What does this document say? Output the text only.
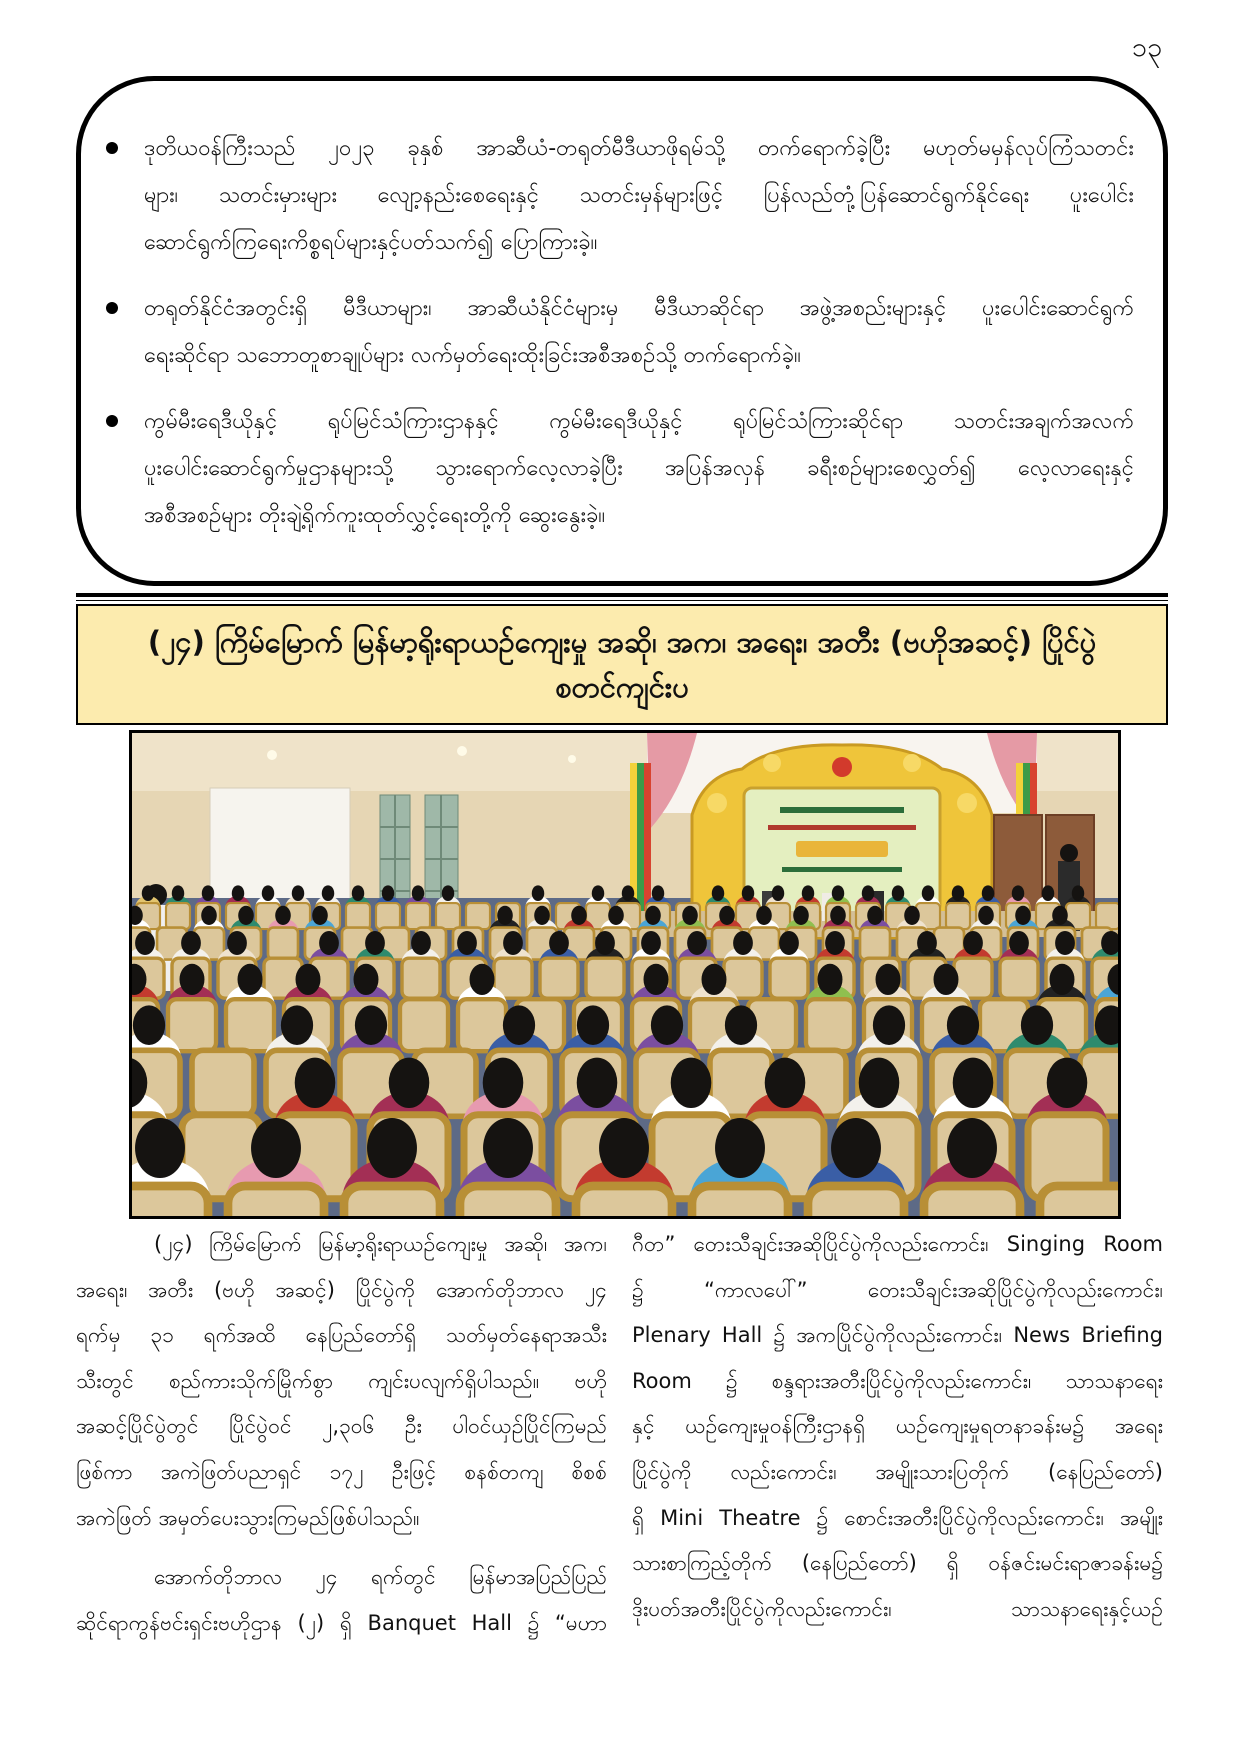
၁၃
ဒုတိယဝန်ကြီးသည် ၂၀၂၃ ခုနှစ် အာဆီယံ-တရုတ်မီဒီယာဖိုရမ်သို့ တက်ရောက်ခဲ့ပြီး မဟုတ်မမှန်လုပ်ကြံသတင်း
များ၊ သတင်းမှားများ လျော့နည်းစေရေးနှင့် သတင်းမှန်များဖြင့် ပြန်လည်တုံ့ပြန်ဆောင်ရွက်နိုင်ရေး ပူးပေါင်း
ဆောင်ရွက်ကြရေးကိစ္စရပ်များနှင့်ပတ်သက်၍ ပြောကြားခဲ့။
တရုတ်နိုင်ငံအတွင်းရှိ မီဒီယာများ၊ အာဆီယံနိုင်ငံများမှ မီဒီယာဆိုင်ရာ အဖွဲ့အစည်းများနှင့် ပူးပေါင်းဆောင်ရွက်
ရေးဆိုင်ရာ သဘောတူစာချုပ်များ လက်မှတ်ရေးထိုးခြင်းအစီအစဉ်သို့ တက်ရောက်ခဲ့။
ကွမ်မီးရေဒီယိုနှင့် ရုပ်မြင်သံကြားဌာနနှင့် ကွမ်မီးရေဒီယိုနှင့် ရုပ်မြင်သံကြားဆိုင်ရာ သတင်းအချက်အလက်
ပူးပေါင်းဆောင်ရွက်မှုဌာနများသို့ သွားရောက်လေ့လာခဲ့ပြီး အပြန်အလှန် ခရီးစဉ်များစေလွှတ်၍ လေ့လာရေးနှင့်
အစီအစဉ်များ တိုးချဲ့ရိုက်ကူးထုတ်လွှင့်ရေးတို့ကို ဆွေးနွေးခဲ့။
(၂၄) ကြိမ်မြောက် မြန်မာ့ရိုးရာယဉ်ကျေးမှု အဆို၊ အက၊ အရေး၊ အတီး (ဗဟိုအဆင့်) ပြိုင်ပွဲ
စတင်ကျင်းပ
(၂၄) ကြိမ်မြောက် မြန်မာ့ရိုးရာယဉ်ကျေးမှု အဆို၊ အက၊
အရေး၊ အတီး (ဗဟို အဆင့်) ပြိုင်ပွဲကို အောက်တိုဘာလ ၂၄
ရက်မှ ၃၁ ရက်အထိ နေပြည်တော်ရှိ သတ်မှတ်နေရာအသီး
သီးတွင် စည်ကားသိုက်မြိုက်စွာ ကျင်းပလျက်ရှိပါသည်။ ဗဟို
အဆင့်ပြိုင်ပွဲတွင် ပြိုင်ပွဲဝင် ၂,၃၀၆ ဦး ပါဝင်ယှဉ်ပြိုင်ကြမည်
ဖြစ်ကာ အကဲဖြတ်ပညာရှင် ၁၇၂ ဦးဖြင့် စနစ်တကျ စိစစ်
အကဲဖြတ် အမှတ်ပေးသွားကြမည်ဖြစ်ပါသည်။
အောက်တိုဘာလ ၂၄ ရက်တွင် မြန်မာအပြည်ပြည်
ဆိုင်ရာကွန်ဗင်းရှင်းဗဟိုဌာန (၂) ရှိ Banquet Hall ၌ “မဟာ
ဂီတ” တေးသီချင်းအဆိုပြိုင်ပွဲကိုလည်းကောင်း၊ Singing Room
၌ “ကာလပေါ်” တေးသီချင်းအဆိုပြိုင်ပွဲကိုလည်းကောင်း၊
Plenary Hall ၌ အကပြိုင်ပွဲကိုလည်းကောင်း၊ News Briefing
Room ၌ စန္ဒရားအတီးပြိုင်ပွဲကိုလည်းကောင်း၊ သာသနာရေး
နှင့် ယဉ်ကျေးမှုဝန်ကြီးဌာနရှိ ယဉ်ကျေးမှုရတနာခန်းမ၌ အရေး
ပြိုင်ပွဲကို လည်းကောင်း၊ အမျိုးသားပြတိုက် (နေပြည်တော်)
ရှိ Mini Theatre ၌ စောင်းအတီးပြိုင်ပွဲကိုလည်းကောင်း၊ အမျိုး
သားစာကြည့်တိုက် (နေပြည်တော်) ရှိ ဝန်ဇင်းမင်းရာဇာခန်းမ၌
ဒိုးပတ်အတီးပြိုင်ပွဲကိုလည်းကောင်း၊ သာသနာရေးနှင့်ယဉ်
